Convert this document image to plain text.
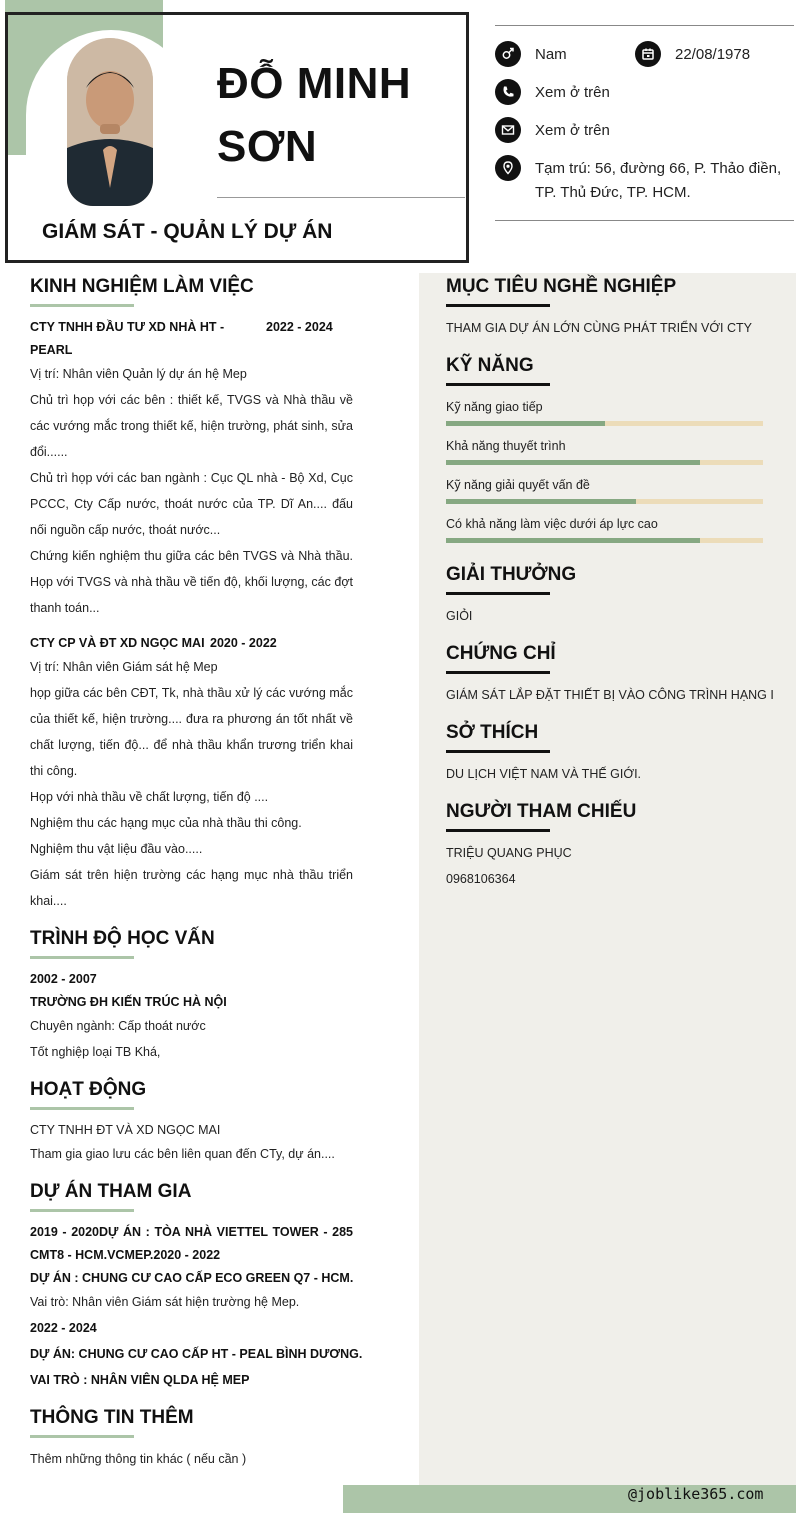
ĐỖ MINH
SƠN
GIÁM SÁT - QUẢN LÝ DỰ ÁN
Nam	22/08/1978
Xem ở trên
Xem ở trên
Tạm trú: 56, đường 66, P. Thảo điền,
TP. Thủ Đức, TP. HCM.
KINH NGHIỆM LÀM VIỆC
CTY TNHH ĐẦU TƯ XD NHÀ HT -	2022 - 2024
PEARL
Vị trí: Nhân viên Quản lý dự án hệ Mep
Chủ trì họp với các bên : thiết kế, TVGS và Nhà thầu về các vướng mắc trong thiết kế, hiện trường, phát sinh, sửa đổi......
Chủ trì họp với các ban ngành : Cục QL nhà - Bộ Xd, Cục PCCC, Cty Cấp nước, thoát nước của TP. Dĩ An.... đấu nối nguồn cấp nước, thoát nước...
Chứng kiến nghiệm thu giữa các bên TVGS và Nhà thầu. Họp với TVGS và nhà thầu về tiến độ, khối lượng, các đợt thanh toán...
CTY CP VÀ ĐT XD NGỌC MAI 2020 - 2022
Vị trí: Nhân viên Giám sát hệ Mep
họp giữa các bên CĐT, Tk, nhà thầu xử lý các vướng mắc của thiết kế, hiện trường.... đưa ra phương án tốt nhất về chất lượng, tiến độ... để nhà thầu khẩn trương triển khai thi công.
Họp với nhà thầu về chất lượng, tiến độ ....
Nghiệm thu các hạng mục của nhà thầu thi công.
Nghiệm thu vật liệu đầu vào.....
Giám sát trên hiện trường các hạng mục nhà thầu triển khai....
TRÌNH ĐỘ HỌC VẤN
2002 - 2007
TRƯỜNG ĐH KIẾN TRÚC HÀ NỘI
Chuyên ngành: Cấp thoát nước
Tốt nghiệp loại TB Khá,
HOẠT ĐỘNG
CTY TNHH ĐT VÀ XD NGỌC MAI
Tham gia giao lưu các bên liên quan đến CTy, dự án....
DỰ ÁN THAM GIA
2019 - 2020DỰ ÁN : TÒA NHÀ VIETTEL TOWER - 285
CMT8 - HCM.VCMEP.2020 - 2022
DỰ ÁN : CHUNG CƯ CAO CẤP ECO GREEN Q7 - HCM.
Vai trò: Nhân viên Giám sát hiện trường hệ Mep.
2022 - 2024
DỰ ÁN: CHUNG CƯ CAO CẤP HT - PEAL BÌNH DƯƠNG.
VAI TRÒ : NHÂN VIÊN QLDA HỆ MEP
THÔNG TIN THÊM
Thêm những thông tin khác ( nếu cần )
MỤC TIÊU NGHỀ NGHIỆP
THAM GIA DỰ ÁN LỚN CÙNG PHÁT TRIỂN VỚI CTY
KỸ NĂNG
Kỹ năng giao tiếp
Khả năng thuyết trình
Kỹ năng giải quyết vấn đề
Có khả năng làm việc dưới áp lực cao
GIẢI THƯỞNG
GIỎI
CHỨNG CHỈ
GIÁM SÁT LẮP ĐẶT THIẾT BỊ VÀO CÔNG TRÌNH HẠNG I
SỞ THÍCH
DU LỊCH VIỆT NAM VÀ THẾ GIỚI.
NGƯỜI THAM CHIẾU
TRIỆU QUANG PHỤC
0968106364
@joblike365.com
